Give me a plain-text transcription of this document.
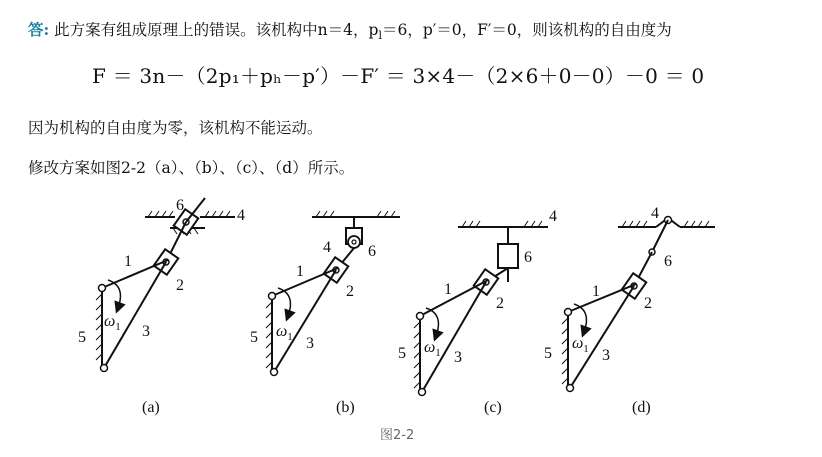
答: 此方案有组成原理上的错误。该机构中n＝4，$p_l=6$，p′＝0，F′＝0，则该机构的自由度为
F ＝ 3n－（2p₁＋pₕ－p′）－F′ ＝ 3×4－（2×6＋0－0）－0 ＝ 0
因为机构的自由度为零，该机构不能运动。
修改方案如图2-2（a）、（b）、（c）、（d）所示。
6
4
1
2
3
5
4 6
1
2
3
5
4
6
1
2
3
5
4
6
1
2
3
5
$\omega_1$	$\omega_1$
$\omega_1$
$\omega_1$
(a)	(b)	(c)	(d)
图2-2
